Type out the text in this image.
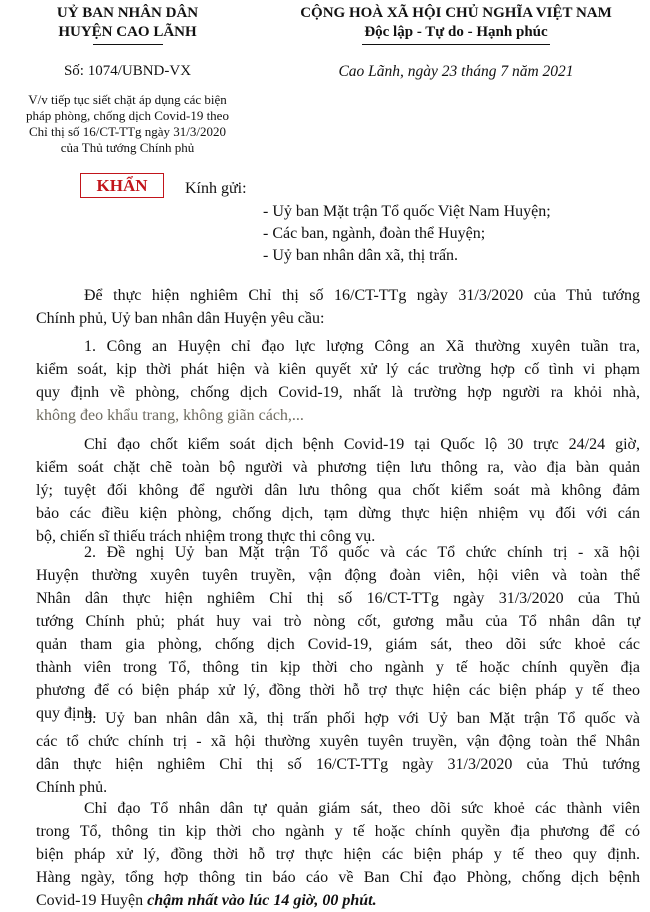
UỶ BAN NHÂN DÂN
HUYỆN CAO LÃNH
CỘNG HOÀ XÃ HỘI CHỦ NGHĨA VIỆT NAM
Độc lập - Tự do - Hạnh phúc
Số: 1074/UBND-VX	Cao Lãnh, ngày 23 tháng 7 năm 2021
V/v tiếp tục siết chặt áp dụng các biện
pháp phòng, chống dịch Covid-19 theo
Chỉ thị số 16/CT-TTg ngày 31/3/2020
của Thủ tướng Chính phủ
KHẨN	Kính gửi:
- Uỷ ban Mặt trận Tổ quốc Việt Nam Huyện;
- Các ban, ngành, đoàn thể Huyện;
- Uỷ ban nhân dân xã, thị trấn.
Để thực hiện nghiêm Chỉ thị số 16/CT-TTg ngày 31/3/2020 của Thủ tướng
Chính phủ, Uỷ ban nhân dân Huyện yêu cầu:
1. Công an Huyện chỉ đạo lực lượng Công an Xã thường xuyên tuần tra,
kiểm soát, kịp thời phát hiện và kiên quyết xử lý các trường hợp cố tình vi phạm
quy định về phòng, chống dịch Covid-19, nhất là trường hợp người ra khỏi nhà,
không đeo khẩu trang, không giãn cách,...
Chỉ đạo chốt kiểm soát dịch bệnh Covid-19 tại Quốc lộ 30 trực 24/24 giờ,
kiểm soát chặt chẽ toàn bộ người và phương tiện lưu thông ra, vào địa bàn quản
lý; tuyệt đối không để người dân lưu thông qua chốt kiểm soát mà không đảm
bảo các điều kiện phòng, chống dịch, tạm dừng thực hiện nhiệm vụ đối với cán
bộ, chiến sĩ thiếu trách nhiệm trong thực thi công vụ.
2. Đề nghị Uỷ ban Mặt trận Tổ quốc và các Tổ chức chính trị - xã hội
Huyện thường xuyên tuyên truyền, vận động đoàn viên, hội viên và toàn thể
Nhân dân thực hiện nghiêm Chỉ thị số 16/CT-TTg ngày 31/3/2020 của Thủ
tướng Chính phủ; phát huy vai trò nòng cốt, gương mẫu của Tổ nhân dân tự
quản tham gia phòng, chống dịch Covid-19, giám sát, theo dõi sức khoẻ các
thành viên trong Tổ, thông tin kịp thời cho ngành y tế hoặc chính quyền địa
phương để có biện pháp xử lý, đồng thời hỗ trợ thực hiện các biện pháp y tế theo
quy định.
3. Uỷ ban nhân dân xã, thị trấn phối hợp với Uỷ ban Mặt trận Tổ quốc và
các tổ chức chính trị - xã hội thường xuyên tuyên truyền, vận động toàn thể Nhân
dân thực hiện nghiêm Chỉ thị số 16/CT-TTg ngày 31/3/2020 của Thủ tướng
Chính phủ.
Chỉ đạo Tổ nhân dân tự quản giám sát, theo dõi sức khoẻ các thành viên
trong Tổ, thông tin kịp thời cho ngành y tế hoặc chính quyền địa phương để có
biện pháp xử lý, đồng thời hỗ trợ thực hiện các biện pháp y tế theo quy định.
Hàng ngày, tổng hợp thông tin báo cáo về Ban Chỉ đạo Phòng, chống dịch bệnh
Covid-19 Huyện chậm nhất vào lúc 14 giờ, 00 phút.
